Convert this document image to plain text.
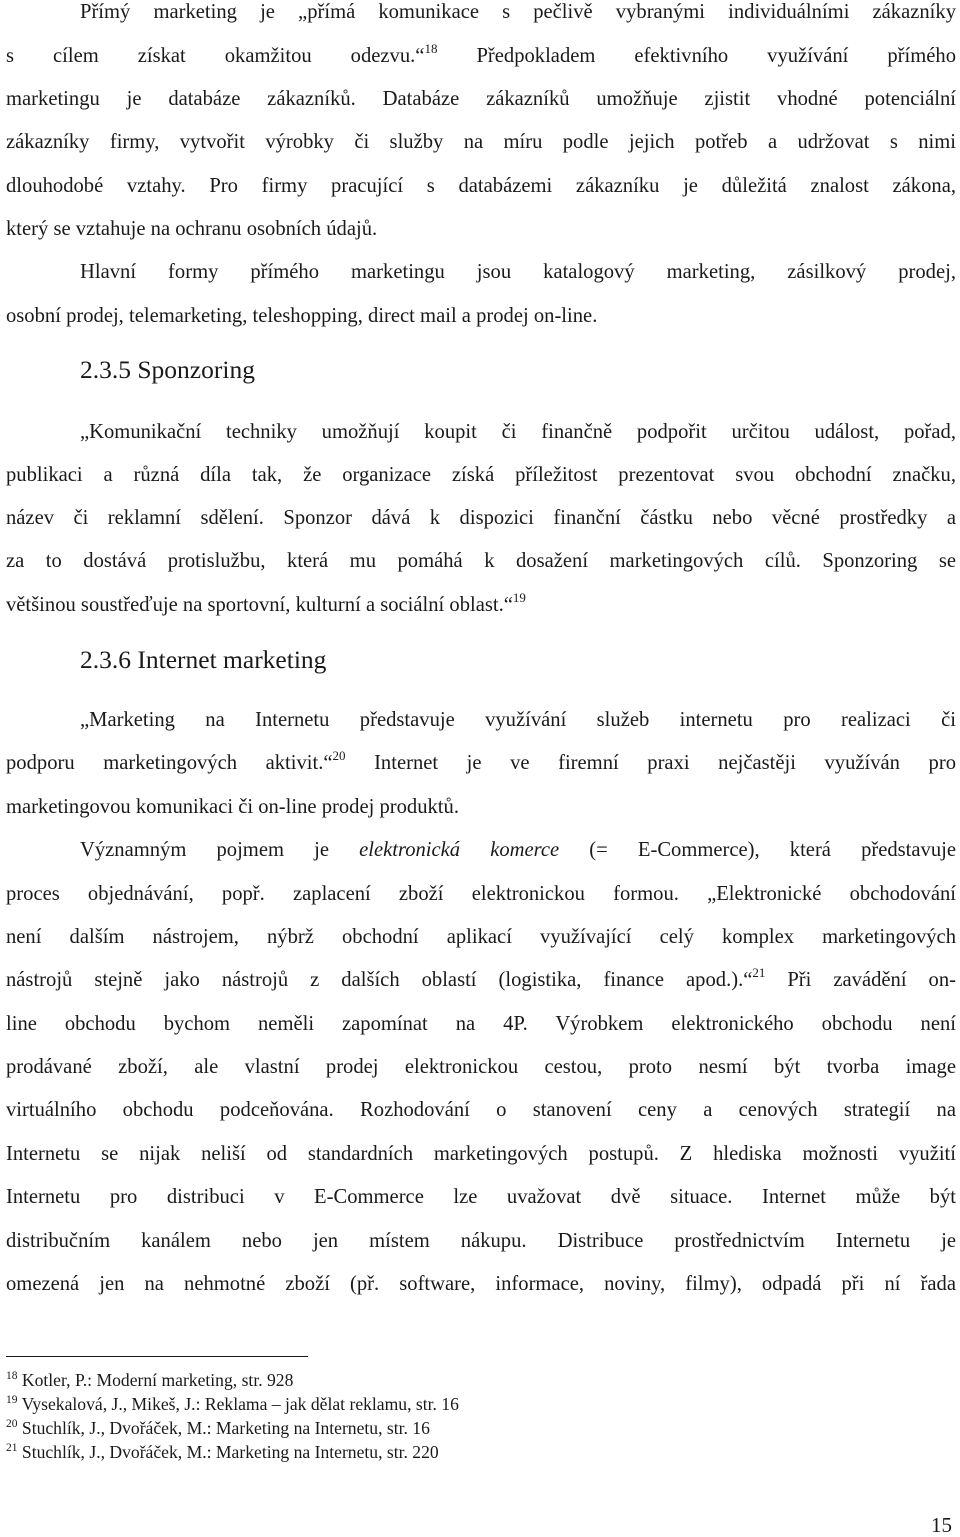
Přímý marketing je „přímá komunikace s pečlivě vybranými individuálními zákazníky
s cílem získat okamžitou odezvu.“$^{18}$ Předpokladem efektivního využívání přímého
marketingu je databáze zákazníků. Databáze zákazníků umožňuje zjistit vhodné potenciální
zákazníky firmy, vytvořit výrobky či služby na míru podle jejich potřeb a udržovat s nimi
dlouhodobé vztahy. Pro firmy pracující s databázemi zákazníku je důležitá znalost zákona,
který se vztahuje na ochranu osobních údajů.
Hlavní formy přímého marketingu jsou katalogový marketing, zásilkový prodej,
osobní prodej, telemarketing, teleshopping, direct mail a prodej on-line.
2.3.5 Sponzoring
„Komunikační techniky umožňují koupit či finančně podpořit určitou událost, pořad,
publikaci a různá díla tak, že organizace získá příležitost prezentovat svou obchodní značku,
název či reklamní sdělení. Sponzor dává k dispozici finanční částku nebo věcné prostředky a
za to dostává protislužbu, která mu pomáhá k dosažení marketingových cílů. Sponzoring se
většinou soustřeďuje na sportovní, kulturní a sociální oblast.“$^{19}$
2.3.6 Internet marketing
„Marketing na Internetu představuje využívání služeb internetu pro realizaci či
podporu marketingových aktivit.“$^{20}$ Internet je ve firemní praxi nejčastěji využíván pro
marketingovou komunikaci či on-line prodej produktů.
Významným pojmem je elektronická komerce (= E-Commerce), která představuje
proces objednávání, popř. zaplacení zboží elektronickou formou. „Elektronické obchodování
není dalším nástrojem, nýbrž obchodní aplikací využívající celý komplex marketingových
nástrojů stejně jako nástrojů z dalších oblastí (logistika, finance apod.).“$^{21}$ Při zavádění on-
line obchodu bychom neměli zapomínat na 4P. Výrobkem elektronického obchodu není
prodávané zboží, ale vlastní prodej elektronickou cestou, proto nesmí být tvorba image
virtuálního obchodu podceňována. Rozhodování o stanovení ceny a cenových strategií na
Internetu se nijak neliší od standardních marketingových postupů. Z hlediska možnosti využití
Internetu pro distribuci v E-Commerce lze uvažovat dvě situace. Internet může být
distribučním kanálem nebo jen místem nákupu. Distribuce prostřednictvím Internetu je
omezená jen na nehmotné zboží (př. software, informace, noviny, filmy), odpadá při ní řada
$^{18}$ Kotler, P.: Moderní marketing, str. 928
$^{19}$ Vysekalová, J., Mikeš, J.: Reklama – jak dělat reklamu, str. 16
$^{20}$ Stuchlík, J., Dvořáček, M.: Marketing na Internetu, str. 16
$^{21}$ Stuchlík, J., Dvořáček, M.: Marketing na Internetu, str. 220
15
